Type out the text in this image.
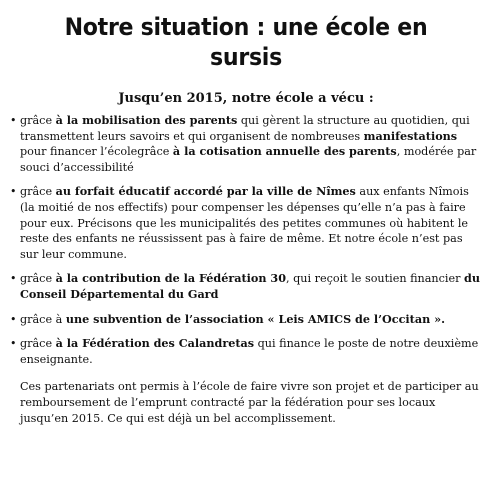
Notre situation : une école en sursis
Jusqu’en 2015, notre école a vécu :
• grâce à la mobilisation des parents qui gèrent la structure au quotidien, qui transmettent leurs savoirs et qui organisent de nombreuses manifestations pour financer l’écolegrâce à la cotisation annuelle des parents, modérée par souci d’accessibilité
• grâce au forfait éducatif accordé par la ville de Nîmes aux enfants Nîmois (la moitié de nos effectifs) pour compenser les dépenses qu’elle n’a pas à faire pour eux. Précisons que les municipalités des petites communes où habitent le reste des enfants ne réussissent pas à faire de même. Et notre école n’est pas sur leur commune.
• grâce à la contribution de la Fédération 30, qui reçoit le soutien financier du Conseil Départemental du Gard
• grâce à une subvention de l’association « Leis AMICS de l’Occitan ».
• grâce à la Fédération des Calandretas qui finance le poste de notre deuxième enseignante.

Ces partenariats ont permis à l’école de faire vivre son projet et de participer au remboursement de l’emprunt contracté par la fédération pour ses locaux jusqu’en 2015. Ce qui est déjà un bel accomplissement.
